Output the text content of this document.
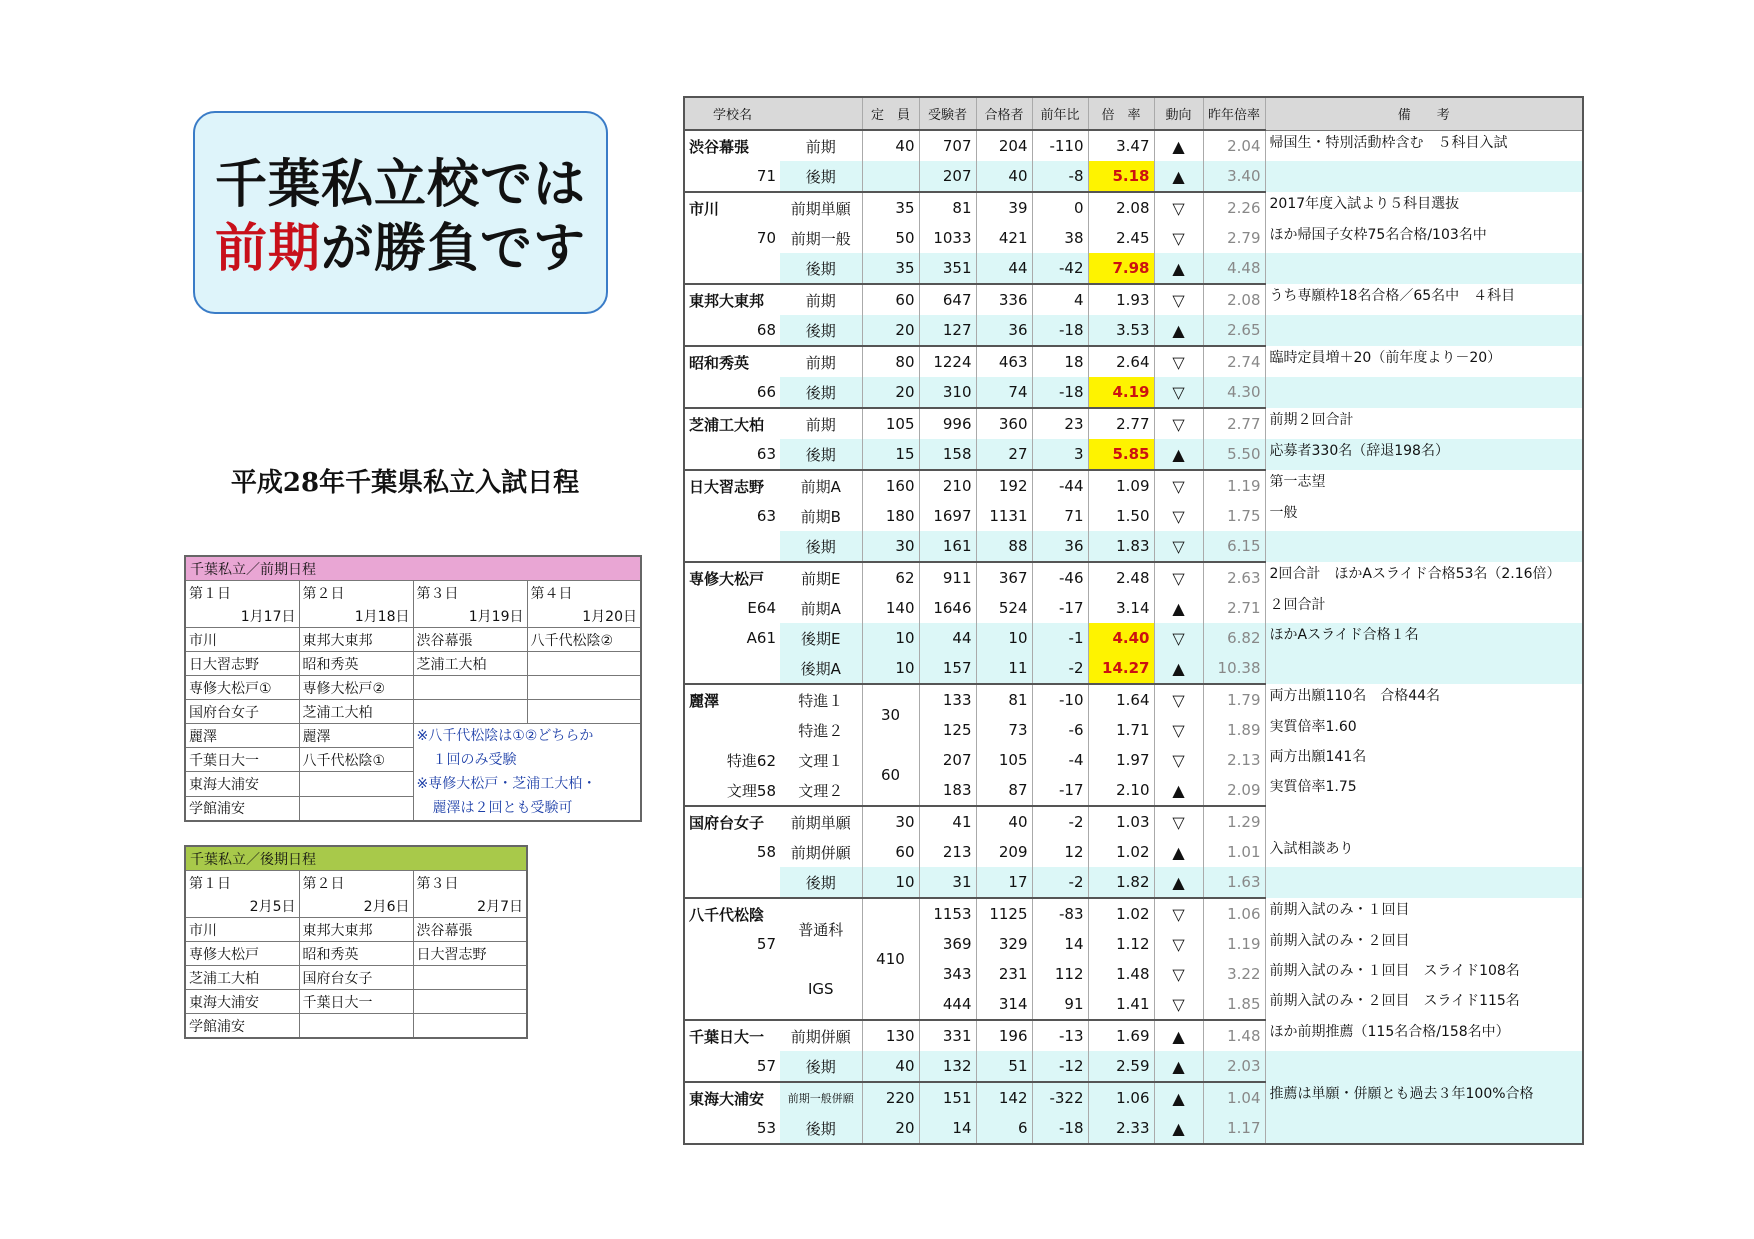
千葉私立校では
前期が勝負です
平成28年千葉県私立入試日程
千葉私立／前期日程			
第１日	第２日	第３日	第４日
1月17日	1月18日	1月19日	1月20日
市川	東邦大東邦	渋谷幕張	八千代松陰②
日大習志野	昭和秀英	芝浦工大柏	
専修大松戸①	専修大松戸②		
国府台女子	芝浦工大柏		
麗澤	麗澤	※八千代松陰は①②どちらか
１回のみ受験
※専修大松戸・芝浦工大柏・
麗澤は２回とも受験可	

千葉日大一	八千代松陰①		
東海大浦安			
学館浦安			
千葉私立／後期日程		
第１日	第２日	第３日
2月5日	2月6日	2月7日
市川	東邦大東邦	渋谷幕張
専修大松戸	昭和秀英	日大習志野
芝浦工大柏	国府台女子	
東海大浦安	千葉日大一	
学館浦安		
学校名		定　員	受験者	合格者	前年比	倍　率	動向	昨年倍率	備　　考
渋谷幕張	前期	40	707	204	-110	3.47	▲	2.04	帰国生・特別活動枠含む　５科目入試
71	後期		207	40	-8	5.18	▲	3.40	
市川	前期単願	35	81	39	0	2.08	▽	2.26	2017年度入試より５科目選抜
70	前期一般	50	1033	421	38	2.45	▽	2.79	ほか帰国子女枠75名合格/103名中
	後期	35	351	44	-42	7.98	▲	4.48	
東邦大東邦	前期	60	647	336	4	1.93	▽	2.08	うち専願枠18名合格／65名中　４科目
68	後期	20	127	36	-18	3.53	▲	2.65	
昭和秀英	前期	80	1224	463	18	2.64	▽	2.74	臨時定員増＋20（前年度より－20）
66	後期	20	310	74	-18	4.19	▽	4.30	
芝浦工大柏	前期	105	996	360	23	2.77	▽	2.77	前期２回合計
63	後期	15	158	27	3	5.85	▲	5.50	応募者330名（辞退198名）
日大習志野	前期A	160	210	192	-44	1.09	▽	1.19	第一志望
63	前期B	180	1697	1131	71	1.50	▽	1.75	一般
	後期	30	161	88	36	1.83	▽	6.15	
専修大松戸	前期E	62	911	367	-46	2.48	▽	2.63	2回合計　ほかAスライド合格53名（2.16倍）
E64	前期A	140	1646	524	-17	3.14	▲	2.71	２回合計
A61	後期E	10	44	10	-1	4.40	▽	6.82	ほかAスライド合格１名
	後期A	10	157	11	-2	14.27	▲	10.38	
麗澤	特進１	30	133	81	-10	1.64	▽	1.79	両方出願110名　合格44名
	特進２		125	73	-6	1.71	▽	1.89	実質倍率1.60
特進62	文理１	60	207	105	-4	1.97	▽	2.13	両方出願141名
文理58	文理２		183	87	-17	2.10	▲	2.09	実質倍率1.75
国府台女子	前期単願	30	41	40	-2	1.03	▽	1.29	
58	前期併願	60	213	209	12	1.02	▲	1.01	入試相談あり
	後期	10	31	17	-2	1.82	▲	1.63	
八千代松陰	普通科	410	1153	1125	-83	1.02	▽	1.06	前期入試のみ・１回目
57			369	329	14	1.12	▽	1.19	前期入試のみ・２回目
	IGS		343	231	112	1.48	▽	3.22	前期入試のみ・１回目　スライド108名
			444	314	91	1.41	▽	1.85	前期入試のみ・２回目　スライド115名
千葉日大一	前期併願	130	331	196	-13	1.69	▲	1.48	ほか前期推薦（115名合格/158名中）
57	後期	40	132	51	-12	2.59	▲	2.03	
東海大浦安	前期一般併願	220	151	142	-322	1.06	▲	1.04	推薦は単願・併願とも過去３年100%合格
53	後期	20	14	6	-18	2.33	▲	1.17	
